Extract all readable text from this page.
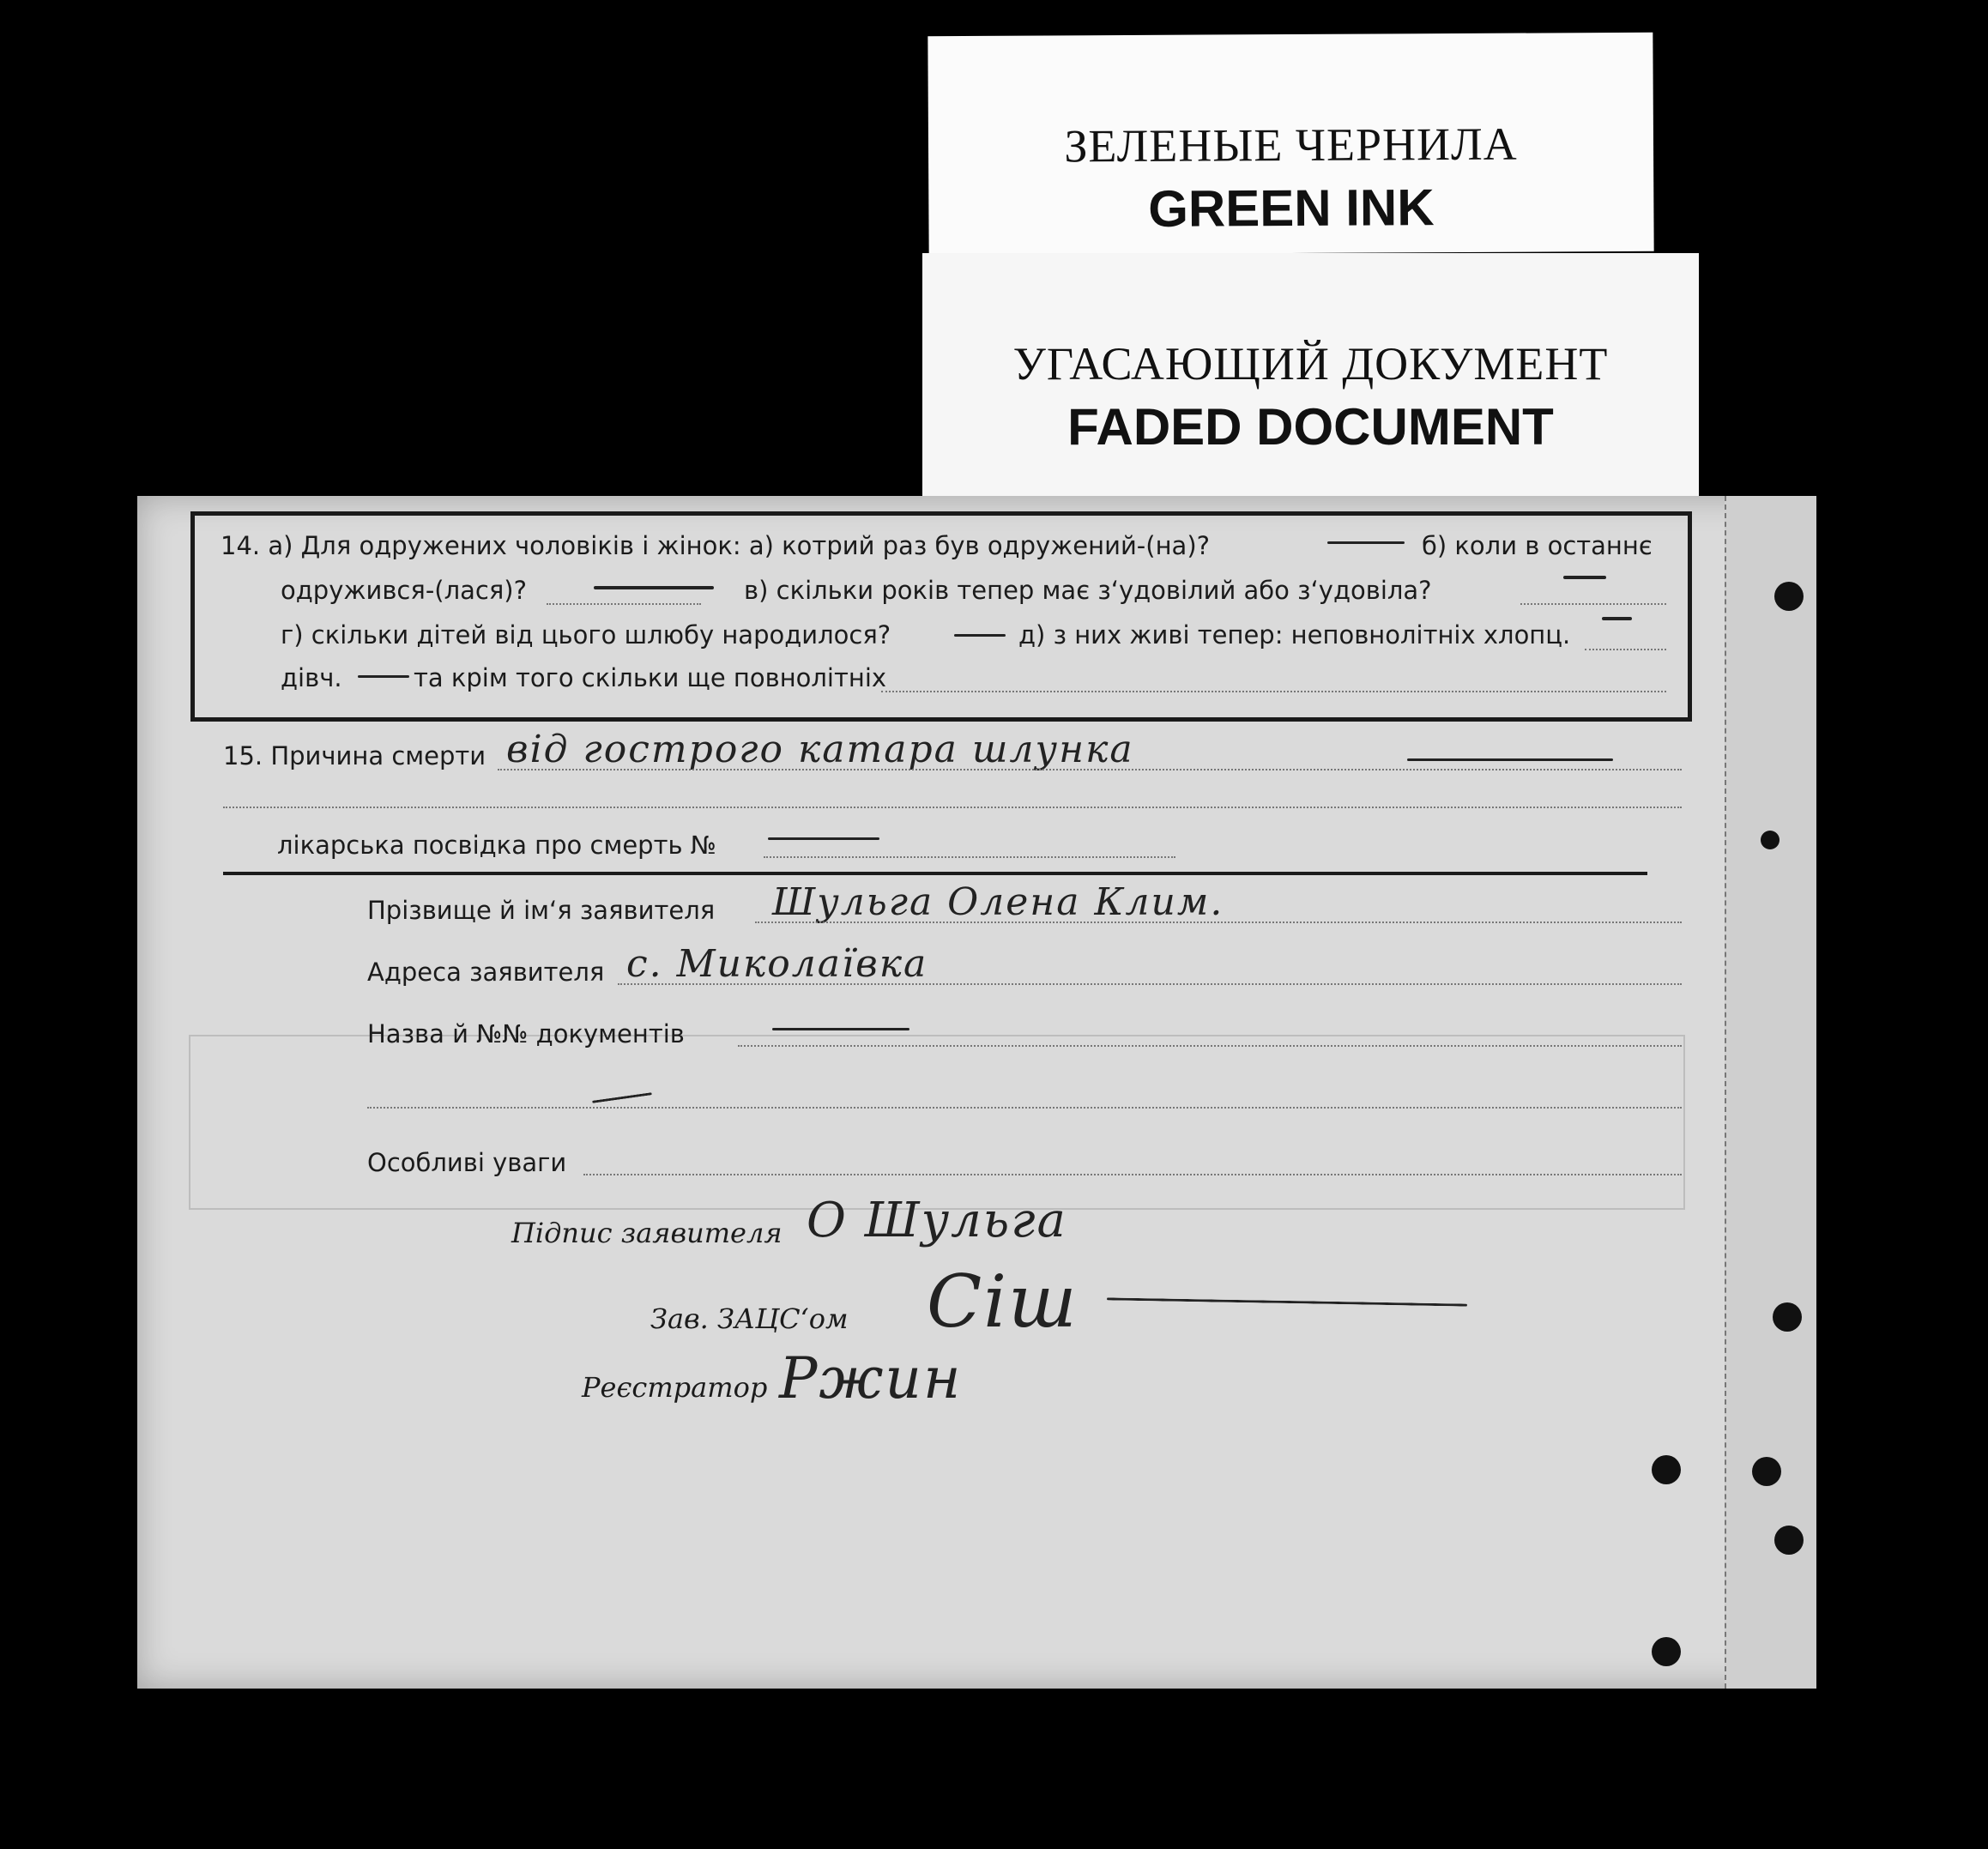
ЗЕЛЕНЫЕ ЧЕРНИЛА
GREEN INK
УГАСАЮЩИЙ ДОКУМЕНТ
FADED DOCUMENT
14. а) Для одружених чоловіків і жінок: а) котрий раз був одружений-(на)?	б) коли в останнє
одружився-(лася)?	в) скільки років тепер має з‘удовілий або з‘удовіла?
г) скільки дітей від цього шлюбу народилося?	д) з них живі тепер: неповнолітніх хлопц.
дівч.	та крім того скільки ще повнолітніх
15. Причина смерти від гострого катара шлунка
лікарська посвідка про смерть №
Прізвище й ім‘я заявителя Шульга Олена Клим.
Адреса заявителя с. Миколаївка
Назва й №№ документів
Особливі уваги
Підпис заявителя О Шульга
Зав. ЗАЦС‘ом Сіш
Реєстратор Ржин
